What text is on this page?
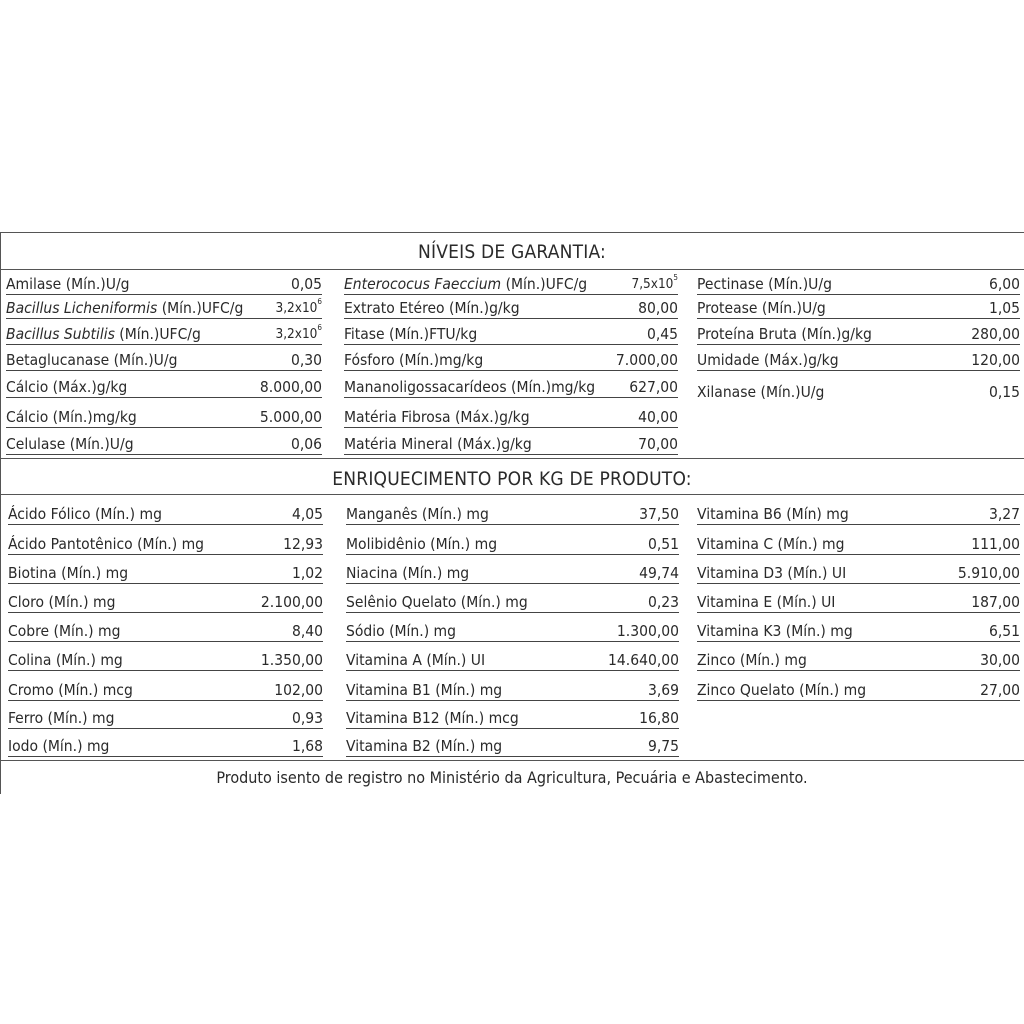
NÍVEIS DE GARANTIA:
ENRIQUECIMENTO POR KG DE PRODUTO:
Amilase (Mín.)U/g	0,05
Bacillus Licheniformis (Mín.)UFC/g $3,2x10^6$
Bacillus Subtilis (Mín.)UFC/g	$3,2x10^6$
Betaglucanase (Mín.)U/g	0,30
Cálcio (Máx.)g/kg	8.000,00
Cálcio (Mín.)mg/kg	5.000,00
Celulase (Mín.)U/g	0,06
Enterococus Faeccium (Mín.)UFC/g	$7,5x10^5$
Extrato Etéreo (Mín.)g/kg	80,00
Fitase (Mín.)FTU/kg	0,45
Fósforo (Mín.)mg/kg	7.000,00
Mananoligossacarídeos (Mín.)mg/kg 627,00
Matéria Fibrosa (Máx.)g/kg	40,00
Matéria Mineral (Máx.)g/kg	70,00
Pectinase (Mín.)U/g	6,00
Protease (Mín.)U/g	1,05
Proteína Bruta (Mín.)g/kg	280,00
Umidade (Máx.)g/kg	120,00
Xilanase (Mín.)U/g	0,15
Ácido Fólico (Mín.) mg	4,05
Ácido Pantotênico (Mín.) mg	12,93
Biotina (Mín.) mg	1,02
Cloro (Mín.) mg	2.100,00
Cobre (Mín.) mg	8,40
Colina (Mín.) mg	1.350,00
Cromo (Mín.) mcg	102,00
Ferro (Mín.) mg	0,93
Iodo (Mín.) mg	1,68
Manganês (Mín.) mg	37,50
Molibidênio (Mín.) mg	0,51
Niacina (Mín.) mg	49,74
Selênio Quelato (Mín.) mg	0,23
Sódio (Mín.) mg	1.300,00
Vitamina A (Mín.) UI	14.640,00
Vitamina B1 (Mín.) mg	3,69
Vitamina B12 (Mín.) mcg	16,80
Vitamina B2 (Mín.) mg	9,75
Vitamina B6 (Mín) mg	3,27
Vitamina C (Mín.) mg	111,00
Vitamina D3 (Mín.) UI	5.910,00
Vitamina E (Mín.) UI	187,00
Vitamina K3 (Mín.) mg	6,51
Zinco (Mín.) mg	30,00
Zinco Quelato (Mín.) mg	27,00
Produto isento de registro no Ministério da Agricultura, Pecuária e Abastecimento.
